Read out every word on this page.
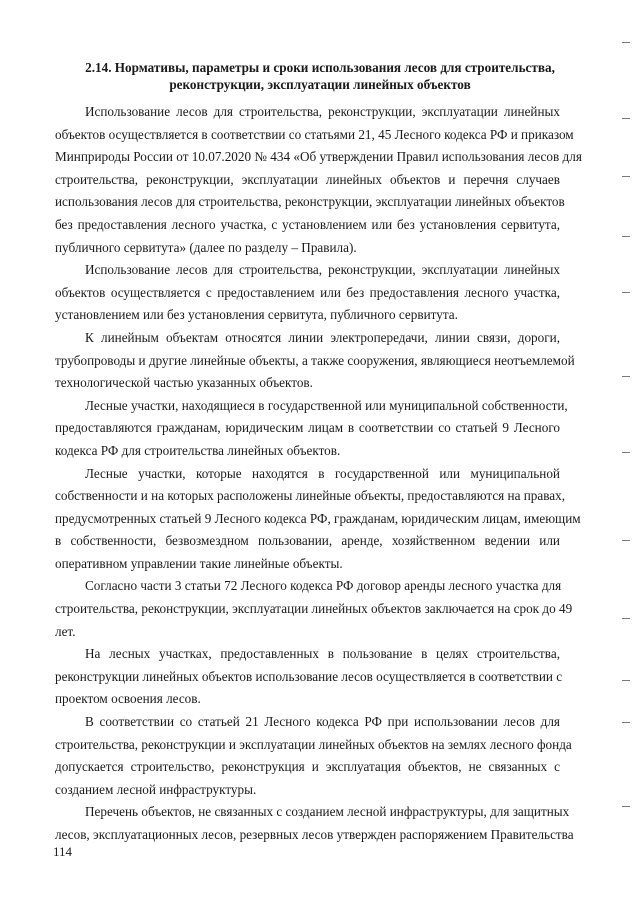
2.14. Нормативы, параметры и сроки использования лесов для строительства,
реконструкции, эксплуатации линейных объектов
Использование лесов для строительства, реконструкции, эксплуатации линейных
объектов осуществляется в соответствии со статьями 21, 45 Лесного кодекса РФ и приказом
Минприроды России от 10.07.2020 № 434 «Об утверждении Правил использования лесов для
строительства, реконструкции, эксплуатации линейных объектов и перечня случаев
использования лесов для строительства, реконструкции, эксплуатации линейных объектов
без предоставления лесного участка, с установлением или без установления сервитута,
публичного сервитута» (далее по разделу – Правила).
Использование лесов для строительства, реконструкции, эксплуатации линейных
объектов осуществляется с предоставлением или без предоставления лесного участка,
установлением или без установления сервитута, публичного сервитута.
К линейным объектам относятся линии электропередачи, линии связи, дороги,
трубопроводы и другие линейные объекты, а также сооружения, являющиеся неотъемлемой
технологической частью указанных объектов.
Лесные участки, находящиеся в государственной или муниципальной собственности,
предоставляются гражданам, юридическим лицам в соответствии со статьей 9 Лесного
кодекса РФ для строительства линейных объектов.
Лесные участки, которые находятся в государственной или муниципальной
собственности и на которых расположены линейные объекты, предоставляются на правах,
предусмотренных статьей 9 Лесного кодекса РФ, гражданам, юридическим лицам, имеющим
в собственности, безвозмездном пользовании, аренде, хозяйственном ведении или
оперативном управлении такие линейные объекты.
Согласно части 3 статьи 72 Лесного кодекса РФ договор аренды лесного участка для
строительства, реконструкции, эксплуатации линейных объектов заключается на срок до 49
лет.
На лесных участках, предоставленных в пользование в целях строительства,
реконструкции линейных объектов использование лесов осуществляется в соответствии с
проектом освоения лесов.
В соответствии со статьей 21 Лесного кодекса РФ при использовании лесов для
строительства, реконструкции и эксплуатации линейных объектов на землях лесного фонда
допускается строительство, реконструкция и эксплуатация объектов, не связанных с
созданием лесной инфраструктуры.
Перечень объектов, не связанных с созданием лесной инфраструктуры, для защитных
лесов, эксплуатационных лесов, резервных лесов утвержден распоряжением Правительства
114
